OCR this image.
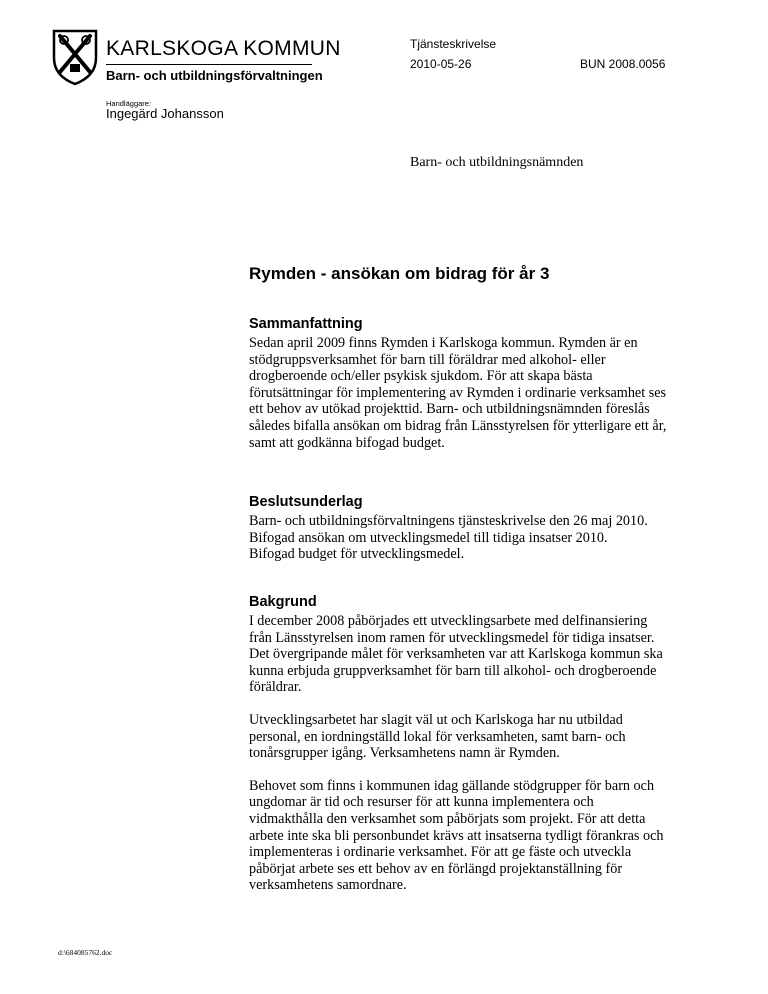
KARLSKOGA KOMMUN
Barn- och utbildningsförvaltningen
Tjänsteskrivelse
2010-05-26	BUN 2008.0056
Handläggare:
Ingegärd Johansson
Barn- och utbildningsnämnden
Rymden - ansökan om bidrag för år 3
Sammanfattning

Sedan april 2009 finns Rymden i Karlskoga kommun. Rymden är en
stödgruppsverksamhet för barn till föräldrar med alkohol- eller
drogberoende och/eller psykisk sjukdom. För att skapa bästa
förutsättningar för implementering av Rymden i ordinarie verksamhet ses
ett behov av utökad projekttid. Barn- och utbildningsnämnden föreslås
således bifalla ansökan om bidrag från Länsstyrelsen för ytterligare ett år,
samt att godkänna bifogad budget.

Beslutsunderlag

Barn- och utbildningsförvaltningens tjänsteskrivelse den 26 maj 2010.
Bifogad ansökan om utvecklingsmedel till tidiga insatser 2010.
Bifogad budget för utvecklingsmedel.

Bakgrund

I december 2008 påbörjades ett utvecklingsarbete med delfinansiering
från Länsstyrelsen inom ramen för utvecklingsmedel för tidiga insatser.
Det övergripande målet för verksamheten var att Karlskoga kommun ska
kunna erbjuda gruppverksamhet för barn till alkohol- och drogberoende
föräldrar.

Utvecklingsarbetet har slagit väl ut och Karlskoga har nu utbildad
personal, en iordningställd lokal för verksamheten, samt barn- och
tonårsgrupper igång. Verksamhetens namn är Rymden.

Behovet som finns i kommunen idag gällande stödgrupper för barn och
ungdomar är tid och resurser för att kunna implementera och
vidmakthålla den verksamhet som påbörjats som projekt. För att detta
arbete inte ska bli personbundet krävs att insatserna tydligt förankras och
implementeras i ordinarie verksamhet. För att ge fäste och utveckla
påbörjat arbete ses ett behov av en förlängd projektanställning för
verksamhetens samordnare.

d:\684085762.doc
